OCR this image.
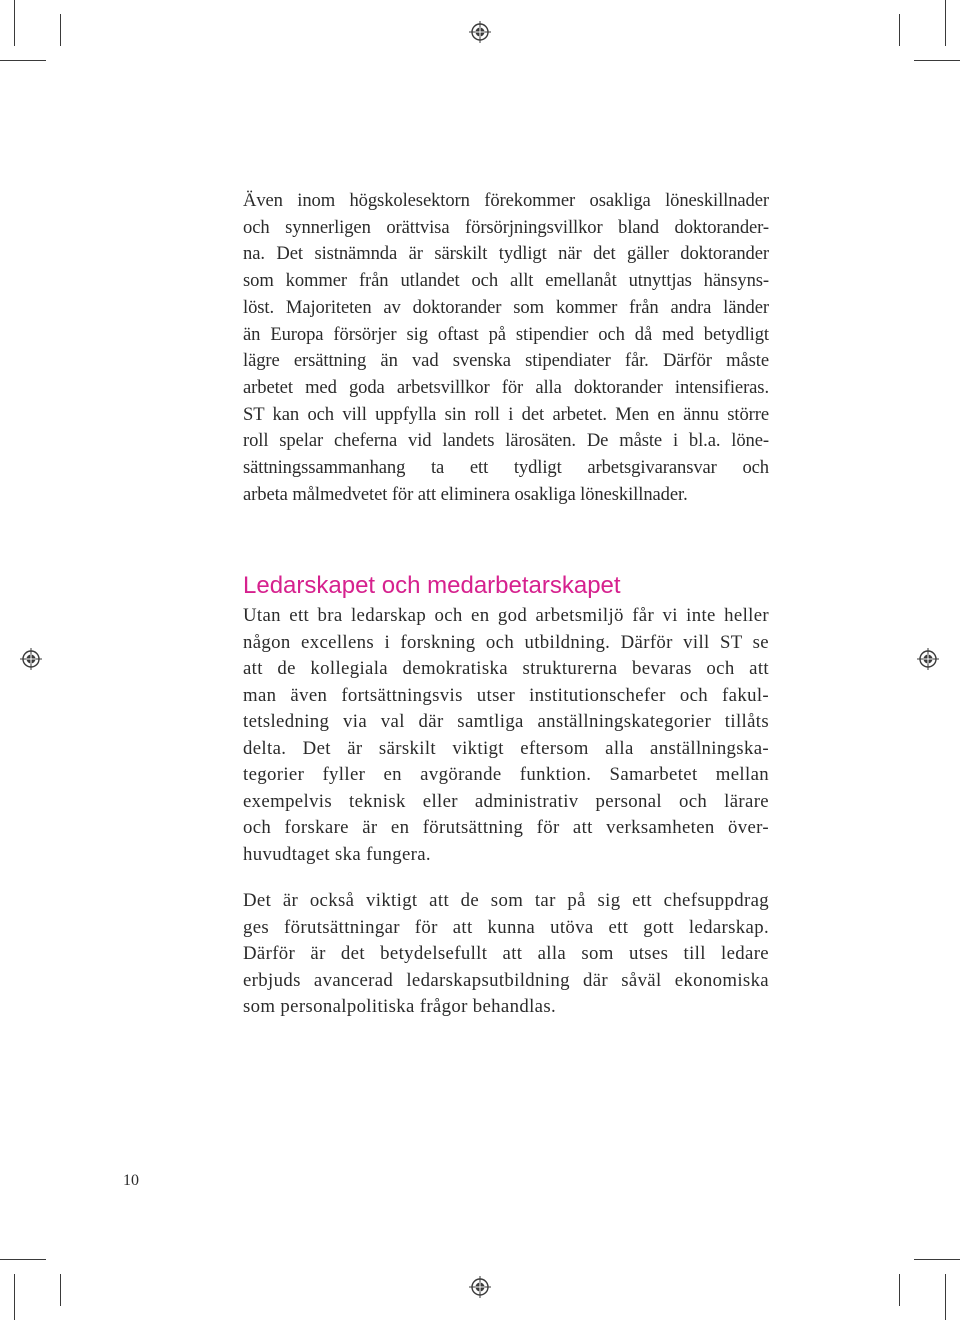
Även inom högskolesektorn förekommer osakliga löneskillnader
och synnerligen orättvisa försörjningsvillkor bland doktorander-
na. Det sistnämnda är särskilt tydligt när det gäller doktorander
som kommer från utlandet och allt emellanåt utnyttjas hänsyns-
löst. Majoriteten av doktorander som kommer från andra länder
än Europa försörjer sig oftast på stipendier och då med betydligt
lägre ersättning än vad svenska stipendiater får. Därför måste
arbetet med goda arbetsvillkor för alla doktorander intensifieras.
ST kan och vill uppfylla sin roll i det arbetet. Men en ännu större
roll spelar cheferna vid landets lärosäten. De måste i bl.a. löne-
sättningssammanhang ta ett tydligt arbetsgivaransvar och
arbeta målmedvetet för att eliminera osakliga löneskillnader.

Ledarskapet och medarbetarskapet

Utan ett bra ledarskap och en god arbetsmiljö får vi inte heller
någon excellens i forskning och utbildning. Därför vill ST se
att de kollegiala demokratiska strukturerna bevaras och att
man även fortsättningsvis utser institutionschefer och fakul-
tetsledning via val där samtliga anställningskategorier tillåts
delta. Det är särskilt viktigt eftersom alla anställningska-
tegorier fyller en avgörande funktion. Samarbetet mellan
exempelvis teknisk eller administrativ personal och lärare
och forskare är en förutsättning för att verksamheten över-
huvudtaget ska fungera.

Det är också viktigt att de som tar på sig ett chefsuppdrag
ges förutsättningar för att kunna utöva ett gott ledarskap.
Därför är det betydelsefullt att alla som utses till ledare
erbjuds avancerad ledarskapsutbildning där såväl ekonomiska
som personalpolitiska frågor behandlas.

10
